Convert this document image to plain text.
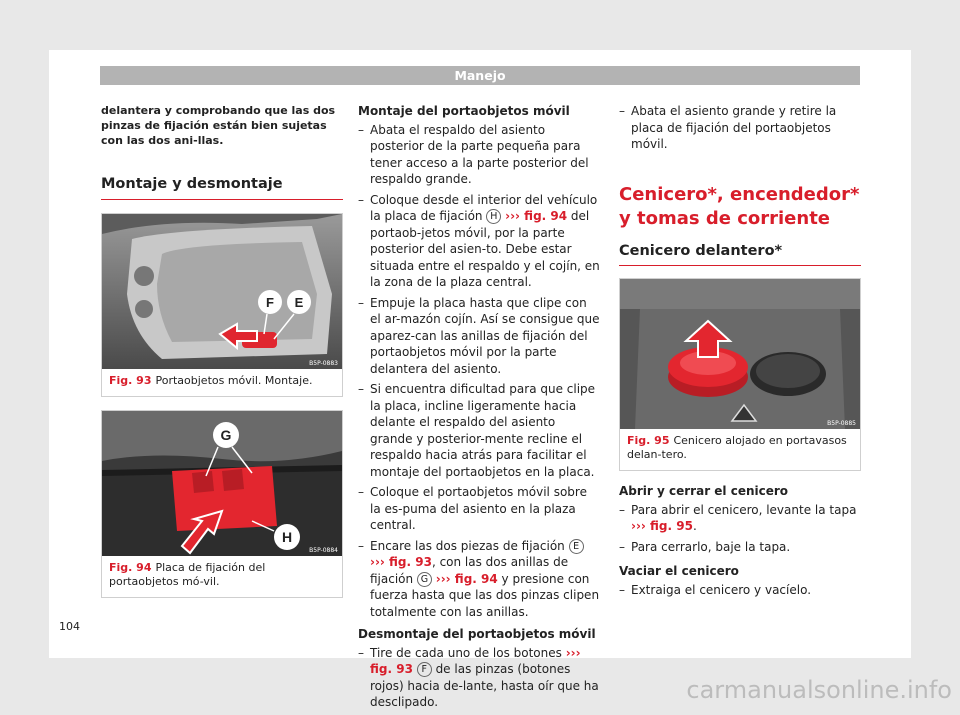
Manejo

delantera y comprobando que las dos pinzas de fijación están bien sujetas con las dos ani-llas.

Montaje y desmontaje
F E
B5P-0883
Fig. 93 Portaobjetos móvil. Montaje.
G
H
B5P-0884
Fig. 94 Placa de fijación del portaobjetos mó-vil.
Montaje del portaobjetos móvil
– Abata el respaldo del asiento posterior de la parte pequeña para tener acceso a la parte posterior del respaldo grande.
– Coloque desde el interior del vehículo la placa de fijación H ››› fig. 94 del portaob-jetos móvil, por la parte posterior del asien-to. Debe estar situada entre el respaldo y el cojín, en la zona de la plaza central.
– Empuje la placa hasta que clipe con el ar-mazón cojín. Así se consigue que aparez-can las anillas de fijación del portaobjetos móvil por la parte delantera del asiento.
– Si encuentra dificultad para que clipe la placa, incline ligeramente hacia delante el respaldo del asiento grande y posterior-mente recline el respaldo hacia atrás para facilitar el montaje del portaobjetos en la placa.
– Coloque el portaobjetos móvil sobre la es-puma del asiento en la plaza central.
– Encare las dos piezas de fijación E ››› fig. 93, con las dos anillas de fijación G ››› fig. 94 y presione con fuerza hasta que las dos pinzas clipen totalmente con las anillas.
Desmontaje del portaobjetos móvil
– Tire de cada uno de los botones ››› fig. 93 F de las pinzas (botones rojos) hacia de-lante, hasta oír que ha desclipado.
– Abata el asiento grande y retire la placa de fijación del portaobjetos móvil.
Cenicero*, encendedor* y tomas de corriente
Cenicero delantero*
B5P-0885
Fig. 95 Cenicero alojado en portavasos delan-tero.
Abrir y cerrar el cenicero
– Para abrir el cenicero, levante la tapa ››› fig. 95.
– Para cerrarlo, baje la tapa.
Vaciar el cenicero
– Extraiga el cenicero y vacíelo.
104
carmanualsonline.info
